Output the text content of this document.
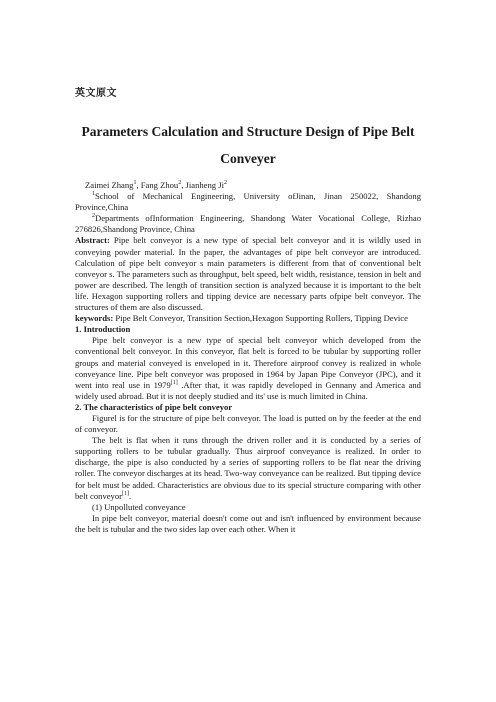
英文原文
Parameters Calculation and Structure Design of Pipe Belt
Conveyer

Zaimei Zhang$^1$, Fang Zhou$^2$, Jianheng Ji$^2$

$^1$School of Mechanical Engineering, University ofJinan, Jinan 250022, Shandong Province,China

$^2$Departments ofInformation Engineering, Shandong Water Vocational College, Rizhao 276826,Shandong Province, China

Abstract: Pipe belt conveyor is a new type of special belt conveyor and it is wildly used in conveying powder material. In the paper, the advantages of pipe belt conveyor are introduced. Calculation of pipe belt conveyor s main parameters is different from that of conventional belt conveyor s. The parameters such as throughput, belt speed, belt width, resistance, tension in belt and power are described. The length of transition section is analyzed because it is important to the belt life. Hexagon supporting rollers and tipping device are necessary parts ofpipe belt conveyor. The structures of them are also discussed.

keywords: Pipe Belt Conveyor, Transition Section,Hexagon Supporting Rollers, Tipping Device

1. Introduction

Pipe belt conveyor is a new type of special belt conveyor which developed from the conventional belt conveyor. In this conveyor, flat belt is forced to be tubular by supporting roller groups and material conveyed is enveloped in it. Therefore airproof convey is realized in whole conveyance line. Pipe belt conveyor was proposed in 1964 by Japan Pipe Conveyor (JPC), and it went into real use in 1979[1] .After that, it was rapidly developed in Gennany and America and widely used abroad. But it is not deeply studied and its' use is much limited in China.

2. The characteristics of pipe belt conveyor

Figurel is for the structure of pipe belt conveyor. The load is putted on by the feeder at the end of conveyor.

The belt is flat when it runs through the driven roller and it is conducted by a series of supporting rollers to be tubular gradually. Thus airproof conveyance is realized. In order to discharge, the pipe is also conducted by a series of supporting rollers to be flat near the driving roller. The conveyor discharges at its head. Two-way conveyance can be realized. But tipping device for belt must be added. Characteristics are obvious due to its special structure comparing with other belt conveyor[1].

(1) Unpolluted conveyance

In pipe belt conveyor, material doesn't come out and isn't influenced by environment because the belt is tubular and the two sides lap over each other. When it
